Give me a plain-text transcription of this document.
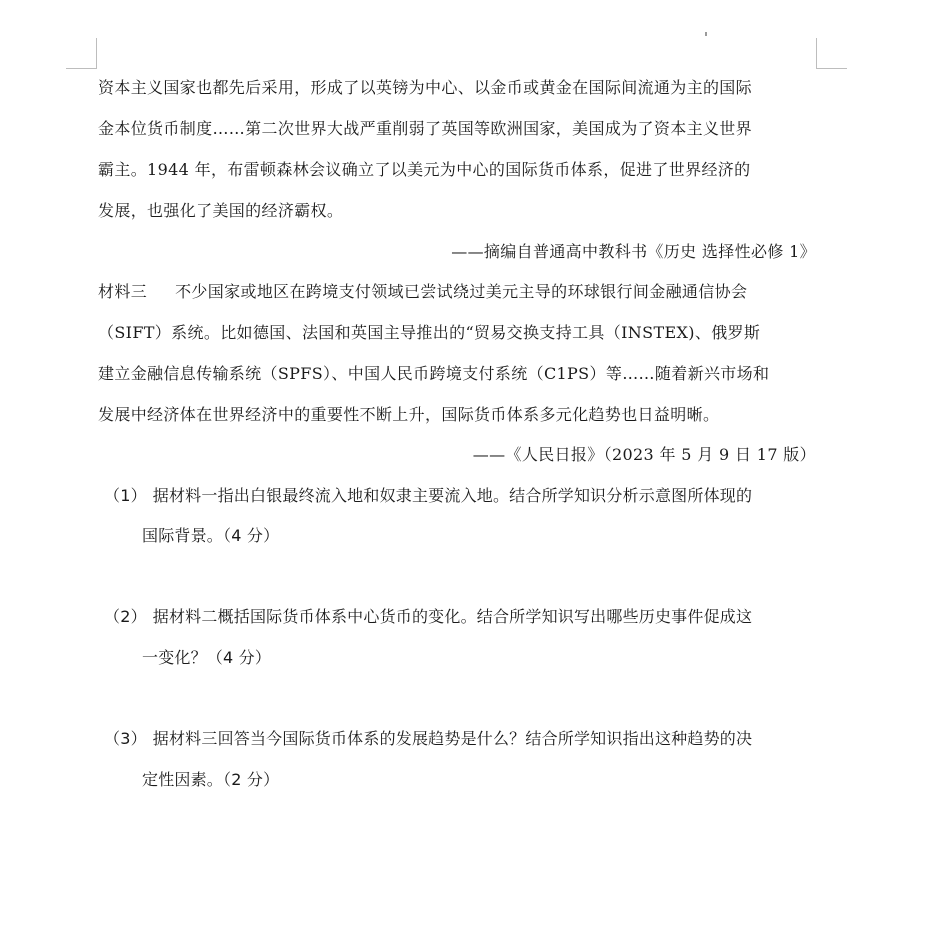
资本主义国家也都先后采用，形成了以英镑为中心、以金币或黄金在国际间流通为主的国际
金本位货币制度……第二次世界大战严重削弱了英国等欧洲国家，美国成为了资本主义世界
霸主。1944 年，布雷顿森林会议确立了以美元为中心的国际货币体系，促进了世界经济的
发展，也强化了美国的经济霸权。
——摘编自普通高中教科书《历史 选择性必修 1》
材料三 不少国家或地区在跨境支付领域已尝试绕过美元主导的环球银行间金融通信协会
（SIFT）系统。比如德国、法国和英国主导推出的“贸易交换支持工具（INSTEX)、俄罗斯
建立金融信息传输系统（SPFS）、中国人民币跨境支付系统（C1PS）等……随着新兴市场和
发展中经济体在世界经济中的重要性不断上升，国际货币体系多元化趋势也日益明晰。
——《人民日报》（2023 年 5 月 9 日 17 版）
（1） 据材料一指出白银最终流入地和奴隶主要流入地。结合所学知识分析示意图所体现的
国际背景。（4 分）
（2） 据材料二概括国际货币体系中心货币的变化。结合所学知识写出哪些历史事件促成这
一变化？（4 分）
（3） 据材料三回答当今国际货币体系的发展趋势是什么？结合所学知识指出这种趋势的决
定性因素。（2 分）
